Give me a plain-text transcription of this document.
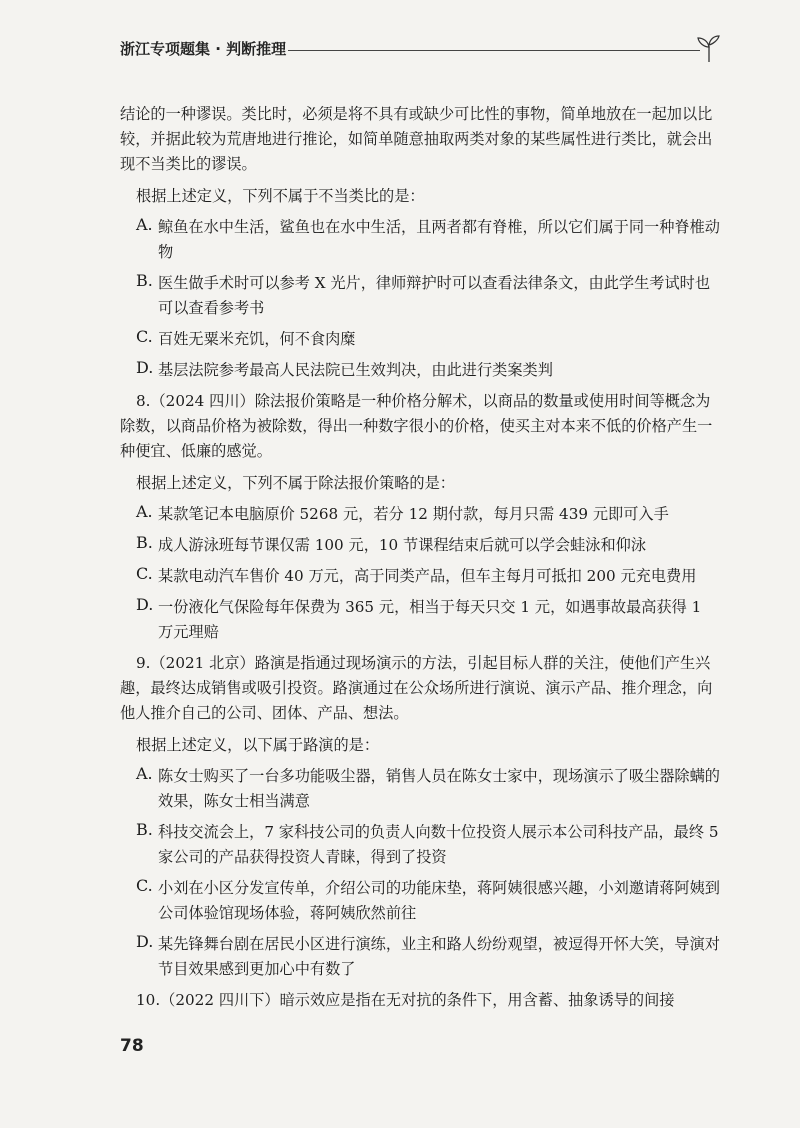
浙江专项题集 · 判断推理

结论的一种谬误。类比时，必须是将不具有或缺少可比性的事物，简单地放在一起加以比较，并据此较为荒唐地进行推论，如简单随意抽取两类对象的某些属性进行类比，就会出现不当类比的谬误。

根据上述定义，下列不属于不当类比的是：

A. 鲸鱼在水中生活，鲨鱼也在水中生活，且两者都有脊椎，所以它们属于同一种脊椎动物

B. 医生做手术时可以参考 X 光片，律师辩护时可以查看法律条文，由此学生考试时也可以查看参考书

C. 百姓无粟米充饥，何不食肉糜

D. 基层法院参考最高人民法院已生效判决，由此进行类案类判

8.（2024 四川）除法报价策略是一种价格分解术，以商品的数量或使用时间等概念为除数，以商品价格为被除数，得出一种数字很小的价格，使买主对本来不低的价格产生一种便宜、低廉的感觉。

根据上述定义，下列不属于除法报价策略的是：

A. 某款笔记本电脑原价 5268 元，若分 12 期付款，每月只需 439 元即可入手

B. 成人游泳班每节课仅需 100 元，10 节课程结束后就可以学会蛙泳和仰泳

C. 某款电动汽车售价 40 万元，高于同类产品，但车主每月可抵扣 200 元充电费用

D. 一份液化气保险每年保费为 365 元，相当于每天只交 1 元，如遇事故最高获得 1 万元理赔

9.（2021 北京）路演是指通过现场演示的方法，引起目标人群的关注，使他们产生兴趣，最终达成销售或吸引投资。路演通过在公众场所进行演说、演示产品、推介理念，向他人推介自己的公司、团体、产品、想法。

根据上述定义，以下属于路演的是：

A. 陈女士购买了一台多功能吸尘器，销售人员在陈女士家中，现场演示了吸尘器除螨的效果，陈女士相当满意

B. 科技交流会上，7 家科技公司的负责人向数十位投资人展示本公司科技产品，最终 5 家公司的产品获得投资人青睐，得到了投资

C. 小刘在小区分发宣传单，介绍公司的功能床垫，蒋阿姨很感兴趣，小刘邀请蒋阿姨到公司体验馆现场体验，蒋阿姨欣然前往

D. 某先锋舞台剧在居民小区进行演练，业主和路人纷纷观望，被逗得开怀大笑，导演对节目效果感到更加心中有数了

10.（2022 四川下）暗示效应是指在无对抗的条件下，用含蓄、抽象诱导的间接

78
